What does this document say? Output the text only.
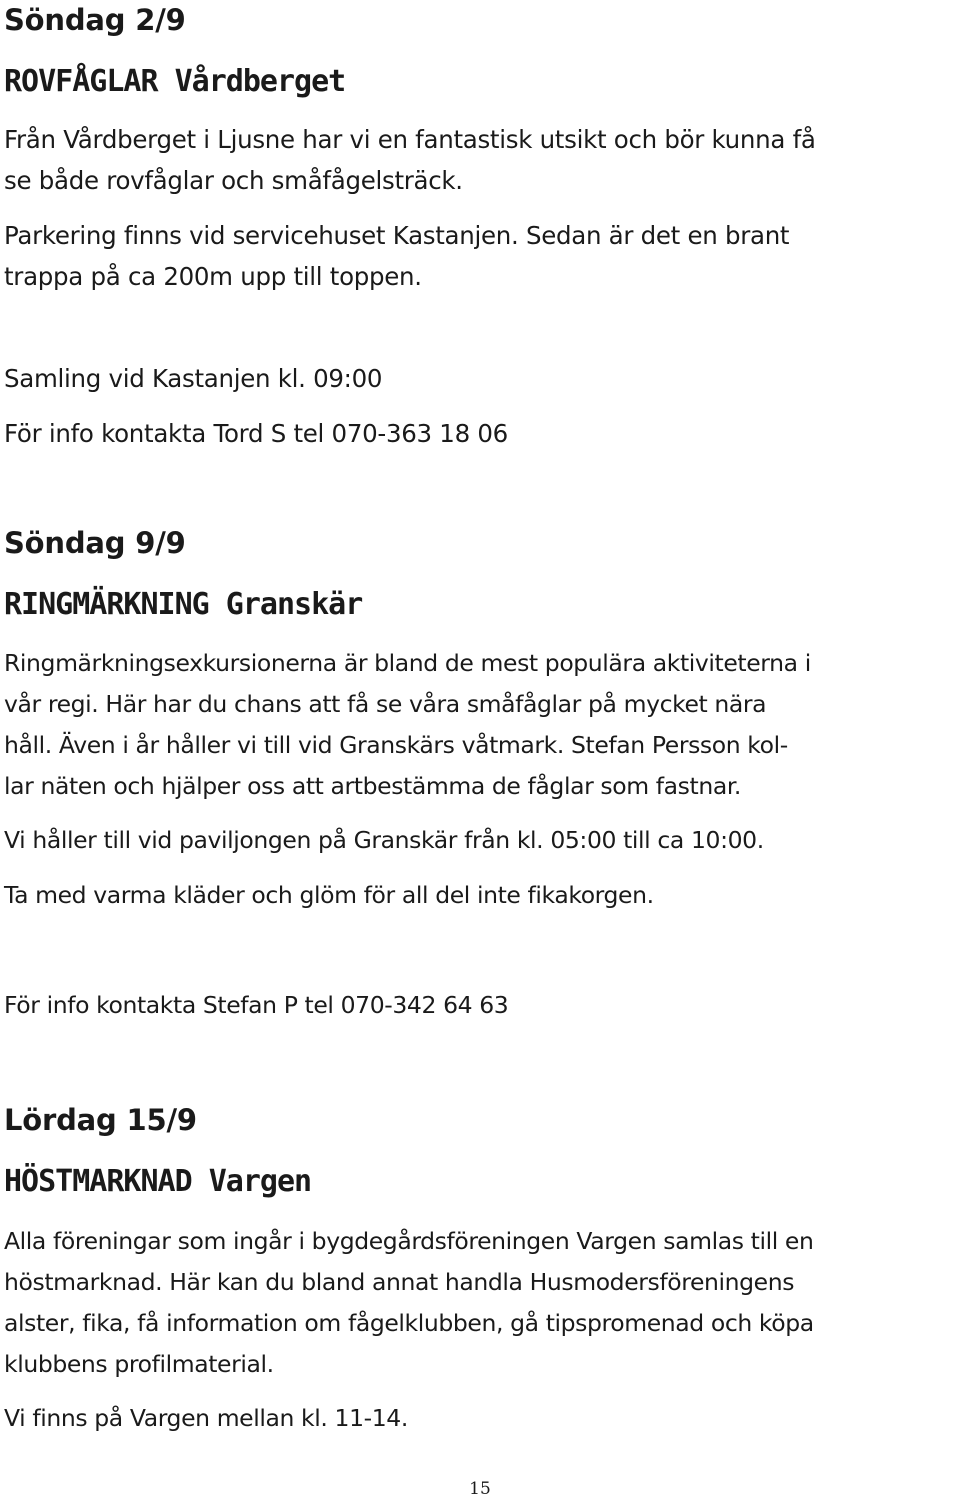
Söndag 2/9
ROVFÅGLAR Vårdberget
Från Vårdberget i Ljusne har vi en fantastisk utsikt och bör kunna få
se både rovfåglar och småfågelsträck.
Parkering finns vid servicehuset Kastanjen. Sedan är det en brant
trappa på ca 200m upp till toppen.
Samling vid Kastanjen kl. 09:00
För info kontakta Tord S tel 070-363 18 06
Söndag 9/9
RINGMÄRKNING Granskär
Ringmärkningsexkursionerna är bland de mest populära aktiviteterna i
vår regi. Här har du chans att få se våra småfåglar på mycket nära
håll. Även i år håller vi till vid Granskärs våtmark. Stefan Persson kol-
lar näten och hjälper oss att artbestämma de fåglar som fastnar.
Vi håller till vid paviljongen på Granskär från kl. 05:00 till ca 10:00.
Ta med varma kläder och glöm för all del inte fikakorgen.
För info kontakta Stefan P tel 070-342 64 63
Lördag 15/9
HÖSTMARKNAD Vargen
Alla föreningar som ingår i bygdegårdsföreningen Vargen samlas till en
höstmarknad. Här kan du bland annat handla Husmodersföreningens
alster, fika, få information om fågelklubben, gå tipspromenad och köpa
klubbens profilmaterial.
Vi finns på Vargen mellan kl. 11-14.
15
